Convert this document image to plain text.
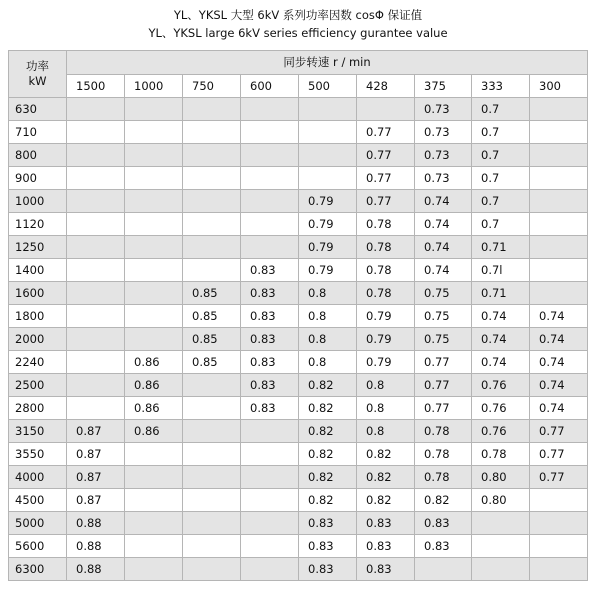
YL、YKSL 大型 6kV 系列功率因数 cosΦ 保证值
YL、YKSL large 6kV series efficiency gurantee value
功率
kW	同步转速 r / min								
	1500	1000	750	600	500	428	375	333	300
630							0.73	0.7	
710						0.77	0.73	0.7	
800						0.77	0.73	0.7	
900						0.77	0.73	0.7	
1000					0.79	0.77	0.74	0.7	
1120					0.79	0.78	0.74	0.7	
1250					0.79	0.78	0.74	0.71	
1400				0.83	0.79	0.78	0.74	0.7l	
1600			0.85	0.83	0.8	0.78	0.75	0.71	
1800			0.85	0.83	0.8	0.79	0.75	0.74	0.74
2000			0.85	0.83	0.8	0.79	0.75	0.74	0.74
2240		0.86	0.85	0.83	0.8	0.79	0.77	0.74	0.74
2500		0.86		0.83	0.82	0.8	0.77	0.76	0.74
2800		0.86		0.83	0.82	0.8	0.77	0.76	0.74
3150	0.87	0.86			0.82	0.8	0.78	0.76	0.77
3550	0.87				0.82	0.82	0.78	0.78	0.77
4000	0.87				0.82	0.82	0.78	0.80	0.77
4500	0.87				0.82	0.82	0.82	0.80	
5000	0.88				0.83	0.83	0.83		
5600	0.88				0.83	0.83	0.83		
6300	0.88				0.83	0.83			
